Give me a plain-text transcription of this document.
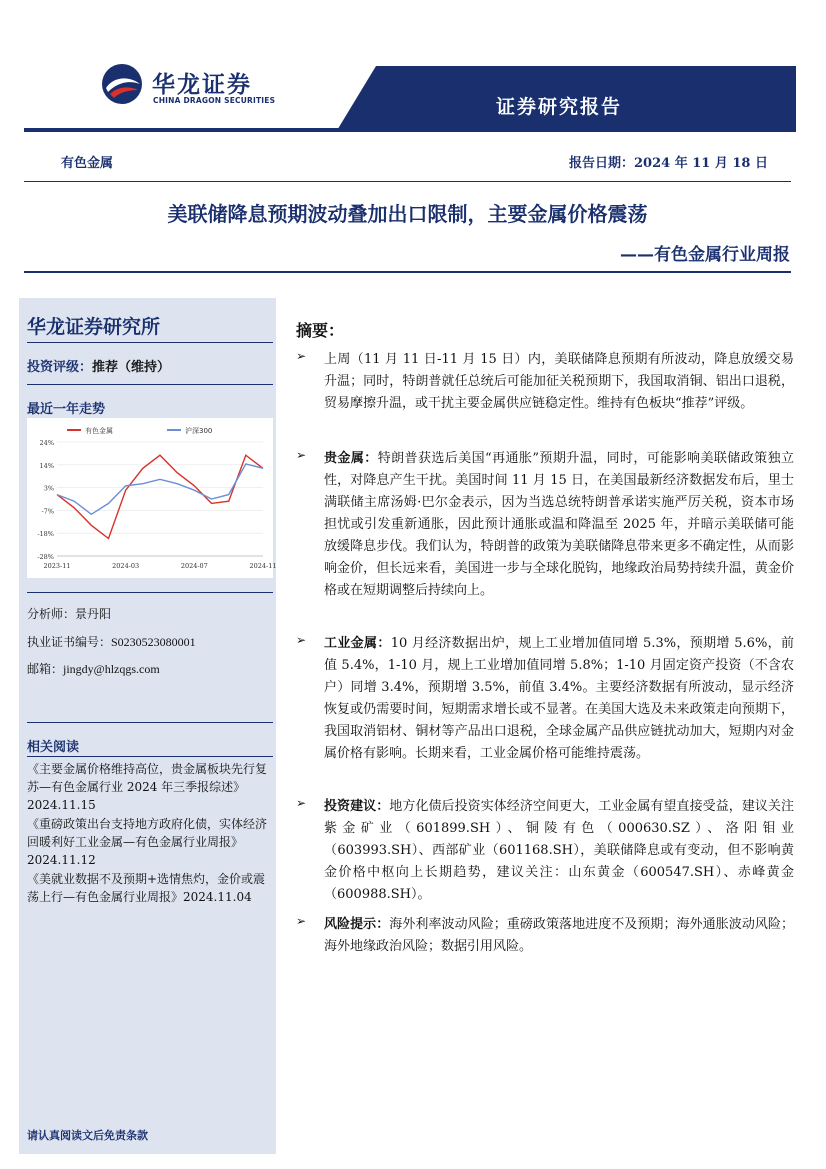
华龙证券
CHINA DRAGON SECURITIES	证券研究报告
有色金属	报告日期：2024 年 11 月 18 日
美联储降息预期波动叠加出口限制，主要金属价格震荡
——有色金属行业周报
华龙证券研究所
投资评级：推荐（维持）
最近一年走势
24%
14%
3%
-7%
-18%
-28%
2023-11	2024-03	2024-07	2024-11
有色金属	沪深300
分析师：景丹阳
执业证书编号：S0230523080001
邮箱：jingdy@hlzqgs.com
相关阅读
《主要金属价格维持高位，贵金属板块先行复苏—有色金属行业 2024 年三季报综述》2024.11.15
《重磅政策出台支持地方政府化债，实体经济回暖利好工业金属—有色金属行业周报》2024.11.12
《美就业数据不及预期+选情焦灼，金价或震荡上行—有色金属行业周报》2024.11.04
请认真阅读文后免责条款
摘要：
➢ 上周（11 月 11 日-11 月 15 日）内，美联储降息预期有所波动，降息放缓交易升温；同时，特朗普就任总统后可能加征关税预期下，我国取消铜、铝出口退税，贸易摩擦升温，或干扰主要金属供应链稳定性。维持有色板块“推荐”评级。
➢ 贵金属：特朗普获选后美国“再通胀”预期升温，同时，可能影响美联储政策独立性，对降息产生干扰。美国时间 11 月 15 日，在美国最新经济数据发布后，里士满联储主席汤姆·巴尔金表示，因为当选总统特朗普承诺实施严厉关税，资本市场担忧或引发重新通胀，因此预计通胀或温和降温至 2025 年，并暗示美联储可能放缓降息步伐。我们认为，特朗普的政策为美联储降息带来更多不确定性，从而影响金价，但长远来看，美国进一步与全球化脱钩，地缘政治局势持续升温，黄金价格或在短期调整后持续向上。
➢ 工业金属：10 月经济数据出炉，规上工业增加值同增 5.3%，预期增 5.6%，前值 5.4%，1-10 月，规上工业增加值同增 5.8%；1-10 月固定资产投资（不含农户）同增 3.4%，预期增 3.5%，前值 3.4%。主要经济数据有所波动，显示经济恢复或仍需要时间，短期需求增长或不显著。在美国大选及未来政策走向预期下，我国取消铝材、铜材等产品出口退税，全球金属产品供应链扰动加大，短期内对金属价格有影响。长期来看，工业金属价格可能维持震荡。
➢ 投资建议：地方化债后投资实体经济空间更大，工业金属有望直接受益，建议关注紫金矿业（601899.SH）、铜陵有色（000630.SZ）、洛阳钼业（603993.SH）、西部矿业（601168.SH），美联储降息或有变动，但不影响黄金价格中枢向上长期趋势，建议关注：山东黄金（600547.SH）、赤峰黄金（600988.SH）。
➢ 风险提示：海外利率波动风险；重磅政策落地进度不及预期；海外通胀波动风险；海外地缘政治风险；数据引用风险。
